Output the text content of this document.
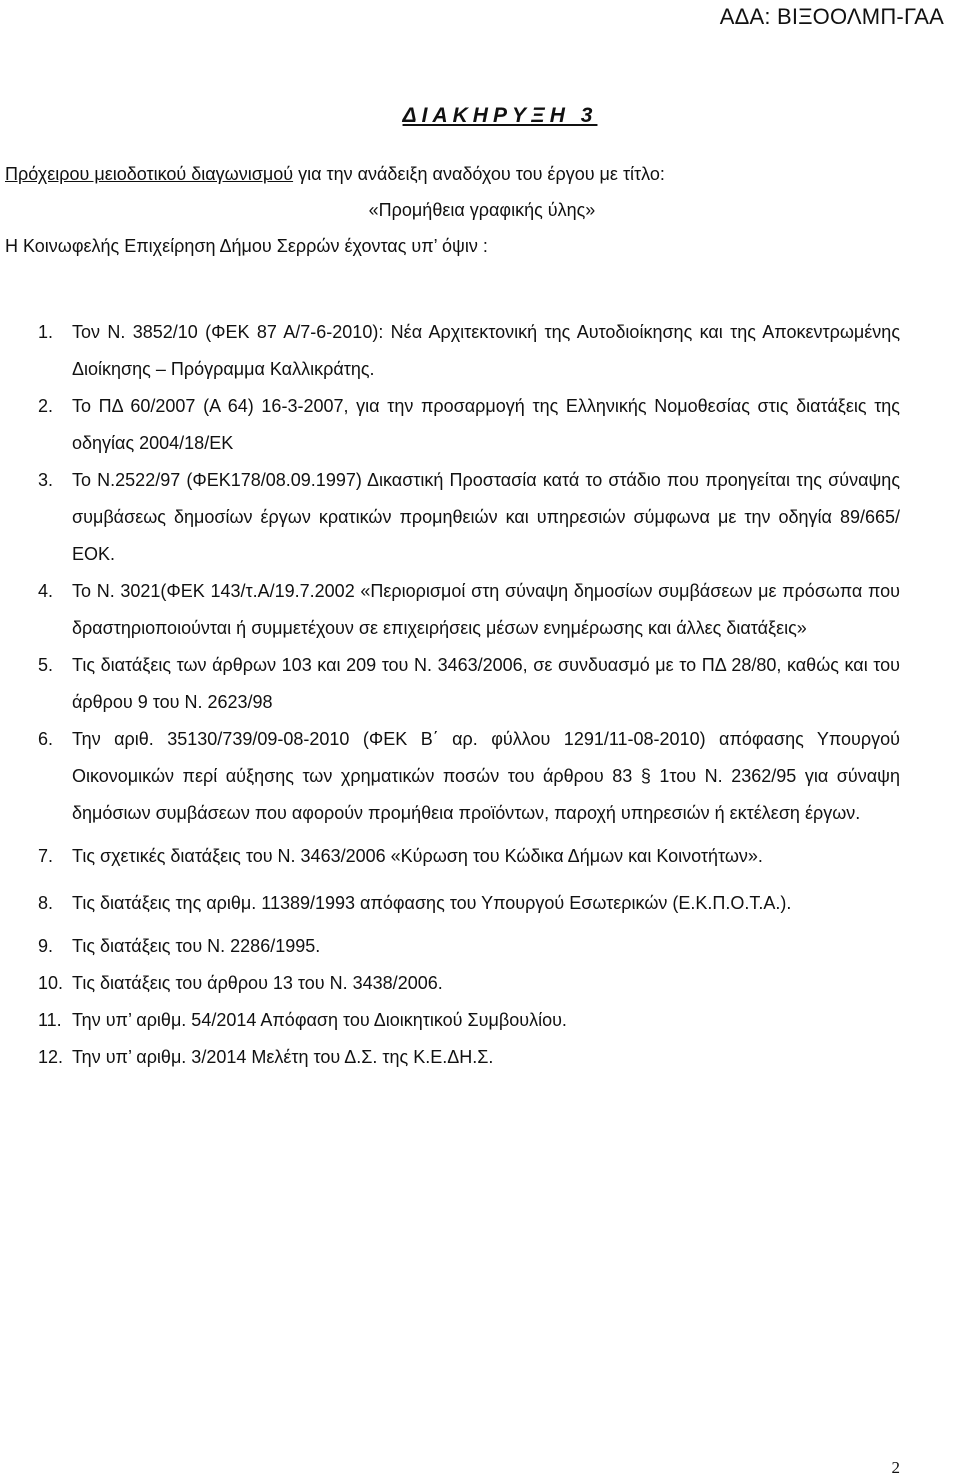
ΑΔΑ: ΒΙΞΟΟΛΜΠ-ΓΑΑ
ΔΙΑΚΗΡΥΞΗ 3
Πρόχειρου μειοδοτικού διαγωνισμού για την ανάδειξη αναδόχου του έργου με τίτλο:
«Προμήθεια γραφικής ύλης»
Η Κοινωφελής Επιχείρηση Δήμου Σερρών έχοντας υπ’ όψιν :
1.	Τον Ν. 3852/10 (ΦΕΚ 87 Α/7-6-2010): Νέα Αρχιτεκτονική της Αυτοδιοίκησης και της Αποκεντρωμένης Διοίκησης – Πρόγραμμα Καλλικράτης.
2.	Το ΠΔ 60/2007 (Α 64) 16-3-2007, για την προσαρμογή της Ελληνικής Νομοθεσίας στις διατάξεις της οδηγίας 2004/18/ΕΚ
3.	Το Ν.2522/97 (ΦΕΚ178/08.09.1997) Δικαστική Προστασία κατά το στάδιο που προηγείται της σύναψης συμβάσεως δημοσίων έργων κρατικών προμηθειών και υπηρεσιών σύμφωνα με την οδηγία 89/665/ΕΟΚ.
4.	Το Ν. 3021(ΦΕΚ 143/τ.Α/19.7.2002 «Περιορισμοί στη σύναψη δημοσίων συμβάσεων με πρόσωπα που δραστηριοποιούνται ή συμμετέχουν σε επιχειρήσεις μέσων ενημέρωσης και άλλες διατάξεις»
5.	Τις διατάξεις των άρθρων 103 και 209 του Ν. 3463/2006, σε συνδυασμό με το ΠΔ 28/80, καθώς και του άρθρου 9 του Ν. 2623/98
6.	Την αριθ. 35130/739/09-08-2010 (ΦΕΚ Β΄ αρ. φύλλου 1291/11-08-2010) απόφασης Υπουργού Οικονομικών περί αύξησης των χρηματικών ποσών του άρθρου 83 § 1του Ν. 2362/95 για σύναψη δημόσιων συμβάσεων που αφορούν προμήθεια προϊόντων, παροχή υπηρεσιών ή εκτέλεση έργων.
7.	Τις σχετικές διατάξεις του Ν. 3463/2006 «Κύρωση του Κώδικα Δήμων και Κοινοτήτων».
8.	Τις διατάξεις της αριθμ. 11389/1993 απόφασης του Υπουργού Εσωτερικών (Ε.Κ.Π.Ο.Τ.Α.).
9.	Τις διατάξεις του Ν. 2286/1995.
10. Τις διατάξεις του άρθρου 13 του Ν. 3438/2006.
11. Την υπ’ αριθμ. 54/2014 Απόφαση του Διοικητικού Συμβουλίου.
12. Την υπ’ αριθμ. 3/2014 Μελέτη του Δ.Σ. της Κ.Ε.ΔΗ.Σ.
2
